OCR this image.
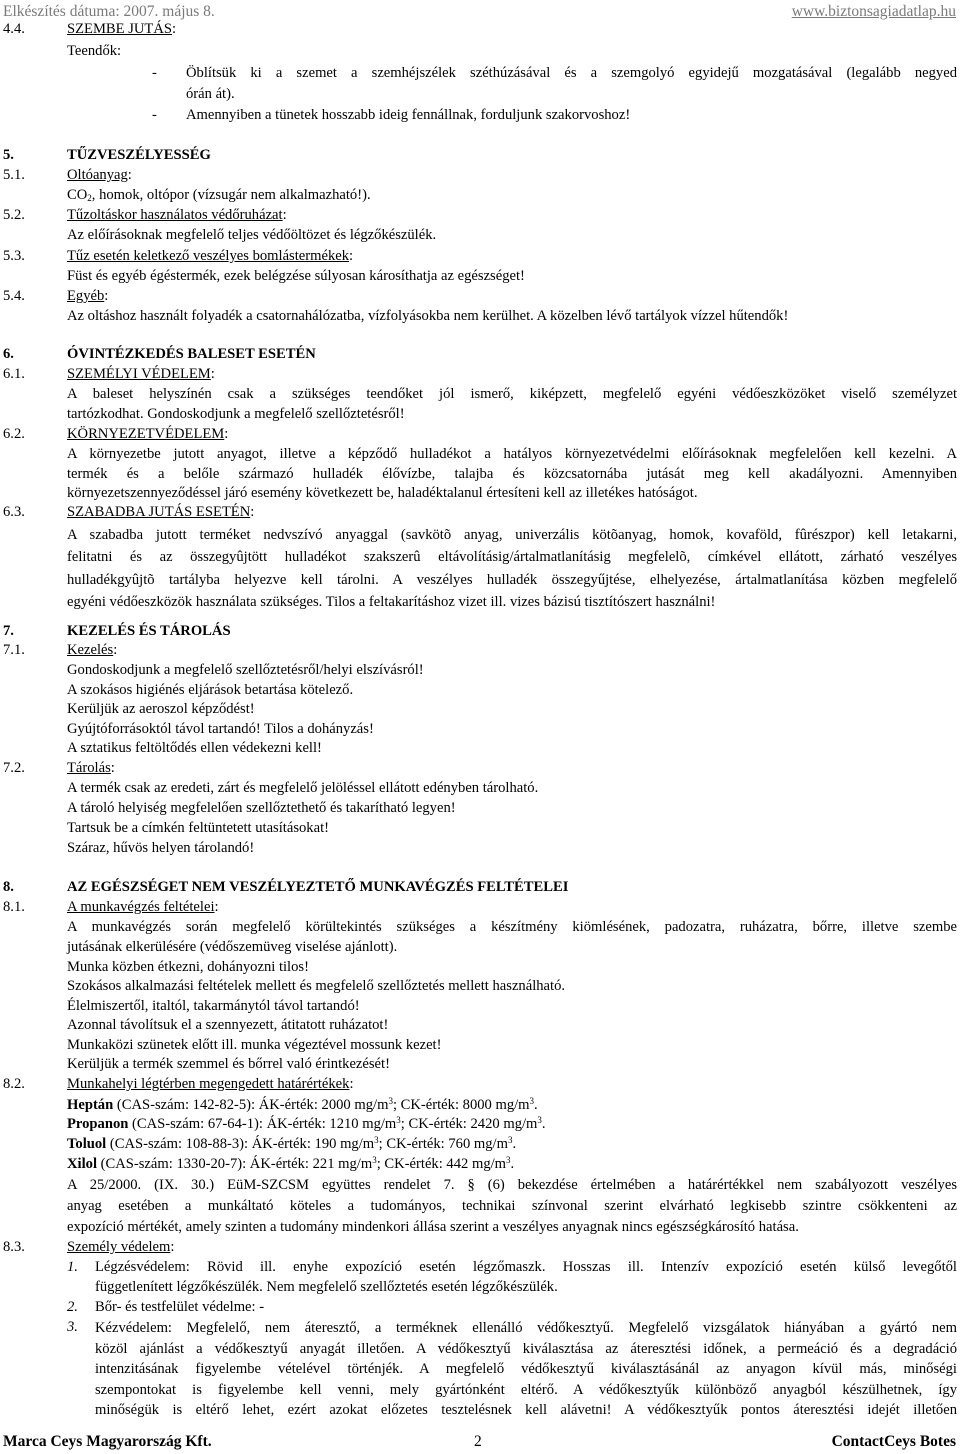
Elkészítés dátuma: 2007. május 8.	www.biztonsagiadatlap.hu
4.4.	SZEMBE JUTÁS:
Teendők:
- Öblítsük ki a szemet a szemhéjszélek széthúzásával és a szemgolyó egyidejű mozgatásával (legalább negyed
órán át).
- Amennyiben a tünetek hosszabb ideig fennállnak, forduljunk szakorvoshoz!
5.	TŰZVESZÉLYESSÉG
5.1.	Oltóanyag:
$CO_2$, homok, oltópor (vízsugár nem alkalmazható!).
5.2.	Tűzoltáskor használatos védőruházat:
Az előírásoknak megfelelő teljes védőöltözet és légzőkészülék.
5.3.	Tűz esetén keletkező veszélyes bomlástermékek:
Füst és egyéb égéstermék, ezek belégzése súlyosan károsíthatja az egészséget!
5.4.	Egyéb:
Az oltáshoz használt folyadék a csatornahálózatba, vízfolyásokba nem kerülhet. A közelben lévő tartályok vízzel hűtendők!
6.	ÓVINTÉZKEDÉS BALESET ESETÉN
6.1.	SZEMÉLYI VÉDELEM:
A baleset helyszínén csak a szükséges teendőket jól ismerő, kiképzett, megfelelő egyéni védőeszközöket viselő személyzet
tartózkodhat. Gondoskodjunk a megfelelő szellőztetésről!
6.2.	KÖRNYEZETVÉDELEM:
A környezetbe jutott anyagot, illetve a képződő hulladékot a hatályos környezetvédelmi előírásoknak megfelelően kell kezelni. A
termék és a belőle származó hulladék élővízbe, talajba és közcsatornába jutását meg kell akadályozni. Amennyiben
környezetszennyeződéssel járó esemény következett be, haladéktalanul értesíteni kell az illetékes hatóságot.
6.3.	SZABADBA JUTÁS ESETÉN:
A szabadba jutott terméket nedvszívó anyaggal (savkötõ anyag, univerzális kötõanyag, homok, kovaföld, fûrészpor) kell letakarni,
felitatni és az összegyûjtött hulladékot szakszerû eltávolításig/ártalmatlanításig megfelelõ, címkével ellátott, zárható veszélyes
hulladékgyûjtõ tartályba helyezve kell tárolni. A veszélyes hulladék összegyűjtése, elhelyezése, ártalmatlanítása közben megfelelő
egyéni védőeszközök használata szükséges. Tilos a feltakarításhoz vizet ill. vizes bázisú tisztítószert használni!
7.	KEZELÉS ÉS TÁROLÁS
7.1.	Kezelés:
Gondoskodjunk a megfelelő szellőztetésről/helyi elszívásról!
A szokásos higiénés eljárások betartása kötelező.
Kerüljük az aeroszol képződést!
Gyújtóforrásoktól távol tartandó! Tilos a dohányzás!
A sztatikus feltöltődés ellen védekezni kell!
7.2.	Tárolás:
A termék csak az eredeti, zárt és megfelelő jelöléssel ellátott edényben tárolható.
A tároló helyiség megfelelően szellőztethető és takarítható legyen!
Tartsuk be a címkén feltüntetett utasításokat!
Száraz, hűvös helyen tárolandó!
8.	AZ EGÉSZSÉGET NEM VESZÉLYEZTETŐ MUNKAVÉGZÉS FELTÉTELEI
8.1.	A munkavégzés feltételei:
A munkavégzés során megfelelő körültekintés szükséges a készítmény kiömlésének, padozatra, ruházatra, bőrre, illetve szembe
jutásának elkerülésére (védőszemüveg viselése ajánlott).
Munka közben étkezni, dohányozni tilos!
Szokásos alkalmazási feltételek mellett és megfelelő szellőztetés mellett használható.
Élelmiszertől, italtól, takarmánytól távol tartandó!
Azonnal távolítsuk el a szennyezett, átitatott ruházatot!
Munkaközi szünetek előtt ill. munka végeztével mossunk kezet!
Kerüljük a termék szemmel és bőrrel való érintkezését!
8.2.	Munkahelyi légtérben megengedett határértékek:
Heptán (CAS-szám: 142-82-5): ÁK-érték: 2000 $mg/m^3$; CK-érték: 8000 $mg/m^3$.
Propanon (CAS-szám: 67-64-1): ÁK-érték: 1210 $mg/m^3$; CK-érték: 2420 $mg/m^3$.
Toluol (CAS-szám: 108-88-3): ÁK-érték: 190 $mg/m^3$; CK-érték: 760 $mg/m^3$.
Xilol (CAS-szám: 1330-20-7): ÁK-érték: 221 $mg/m^3$; CK-érték: 442 $mg/m^3$.
A 25/2000. (IX. 30.) EüM-SZCSM együttes rendelet 7. § (6) bekezdése értelmében a határértékkel nem szabályozott veszélyes
anyag esetében a munkáltató köteles a tudományos, technikai színvonal szerint elvárható legkisebb szintre csökkenteni az
expozíció mértékét, amely szinten a tudomány mindenkori állása szerint a veszélyes anyagnak nincs egészségkárosító hatása.
8.3.	Személy védelem:
1. Légzésvédelem: Rövid ill. enyhe expozíció esetén légzőmaszk. Hosszas ill. Intenzív expozíció esetén külső levegőtől
függetlenített légzőkészülék. Nem megfelelő szellőztetés esetén légzőkészülék.
2. Bőr- és testfelület védelme: -
3. Kézvédelem: Megfelelő, nem áteresztő, a terméknek ellenálló védőkesztyű. Megfelelő vizsgálatok hiányában a gyártó nem
közöl ajánlást a védőkesztyű anyagát illetően. A védőkesztyű kiválasztása az áteresztési időnek, a permeáció és a degradáció
intenzitásának figyelembe vételével történjék. A megfelelő védőkesztyű kiválasztásánál az anyagon kívül más, minőségi
szempontokat is figyelembe kell venni, mely gyártónként eltérő. A védőkesztyűk különböző anyagból készülhetnek, így
minőségük is eltérő lehet, ezért azokat előzetes tesztelésnek kell alávetni! A védőkesztyűk pontos áteresztési idejét illetően
Marca Ceys Magyarország Kft.	2	ContactCeys Botes
